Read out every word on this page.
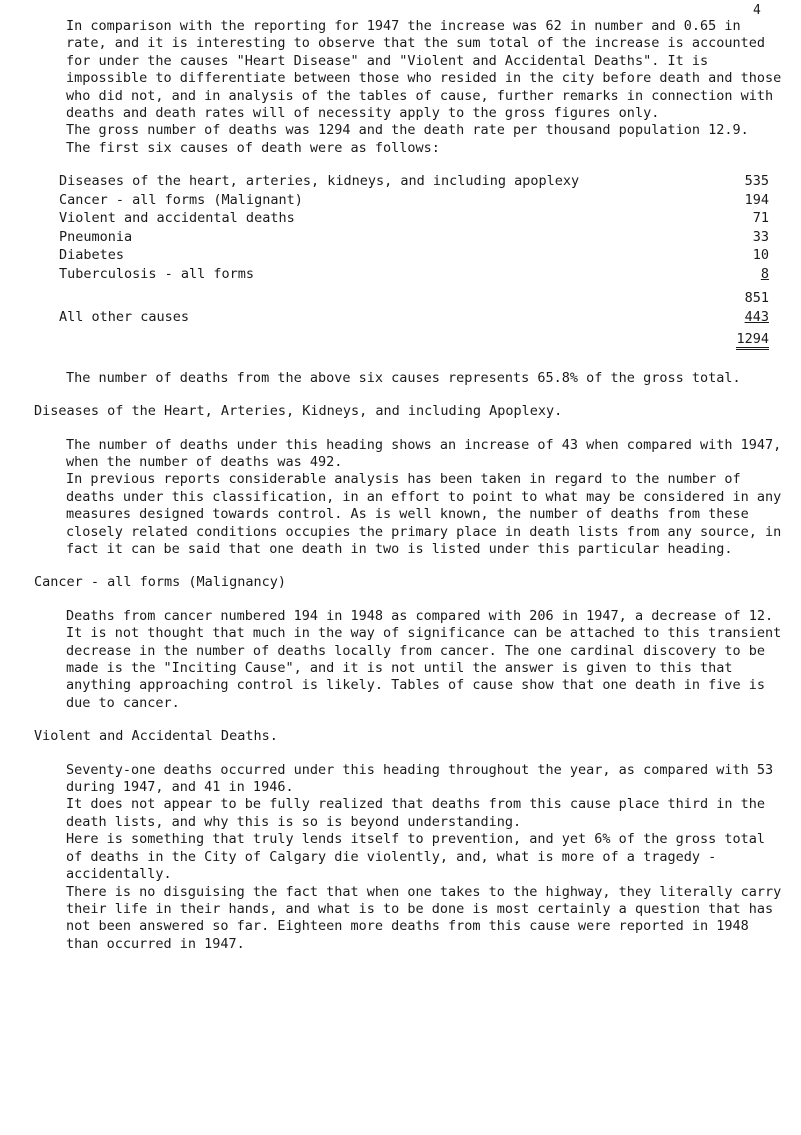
4

In comparison with the reporting for 1947 the increase was 62 in number and 0.65 in rate, and it is interesting to observe that the sum total of the increase is accounted for under the causes "Heart Disease" and "Violent and Accidental Deaths". It is impossible to differentiate between those who resided in the city before death and those who did not, and in analysis of the tables of cause, further remarks in connection with deaths and death rates will of necessity apply to the gross figures only.

The gross number of deaths was 1294 and the death rate per thousand population 12.9.

The first six causes of death were as follows:

Diseases of the heart, arteries, kidneys, and including apoplexy	535
Cancer - all forms (Malignant)	194
Violent and accidental deaths	71
Pneumonia	33
Diabetes	10
Tuberculosis - all forms	8
851
All other causes	443
1294

The number of deaths from the above six causes represents 65.8% of the gross total.

Diseases of the Heart, Arteries, Kidneys, and including Apoplexy.

The number of deaths under this heading shows an increase of 43 when compared with 1947, when the number of deaths was 492.

In previous reports considerable analysis has been taken in regard to the number of deaths under this classification, in an effort to point to what may be considered in any measures designed towards control. As is well known, the number of deaths from these closely related conditions occupies the primary place in death lists from any source, in fact it can be said that one death in two is listed under this particular heading.

Cancer - all forms (Malignancy)

Deaths from cancer numbered 194 in 1948 as compared with 206 in 1947, a decrease of 12. It is not thought that much in the way of significance can be attached to this transient decrease in the number of deaths locally from cancer. The one cardinal discovery to be made is the "Inciting Cause", and it is not until the answer is given to this that anything approaching control is likely. Tables of cause show that one death in five is due to cancer.

Violent and Accidental Deaths.

Seventy-one deaths occurred under this heading throughout the year, as compared with 53 during 1947, and 41 in 1946.

It does not appear to be fully realized that deaths from this cause place third in the death lists, and why this is so is beyond understanding.

Here is something that truly lends itself to prevention, and yet 6% of the gross total of deaths in the City of Calgary die violently, and, what is more of a tragedy - accidentally.

There is no disguising the fact that when one takes to the highway, they literally carry their life in their hands, and what is to be done is most certainly a question that has not been answered so far. Eighteen more deaths from this cause were reported in 1948 than occurred in 1947.
